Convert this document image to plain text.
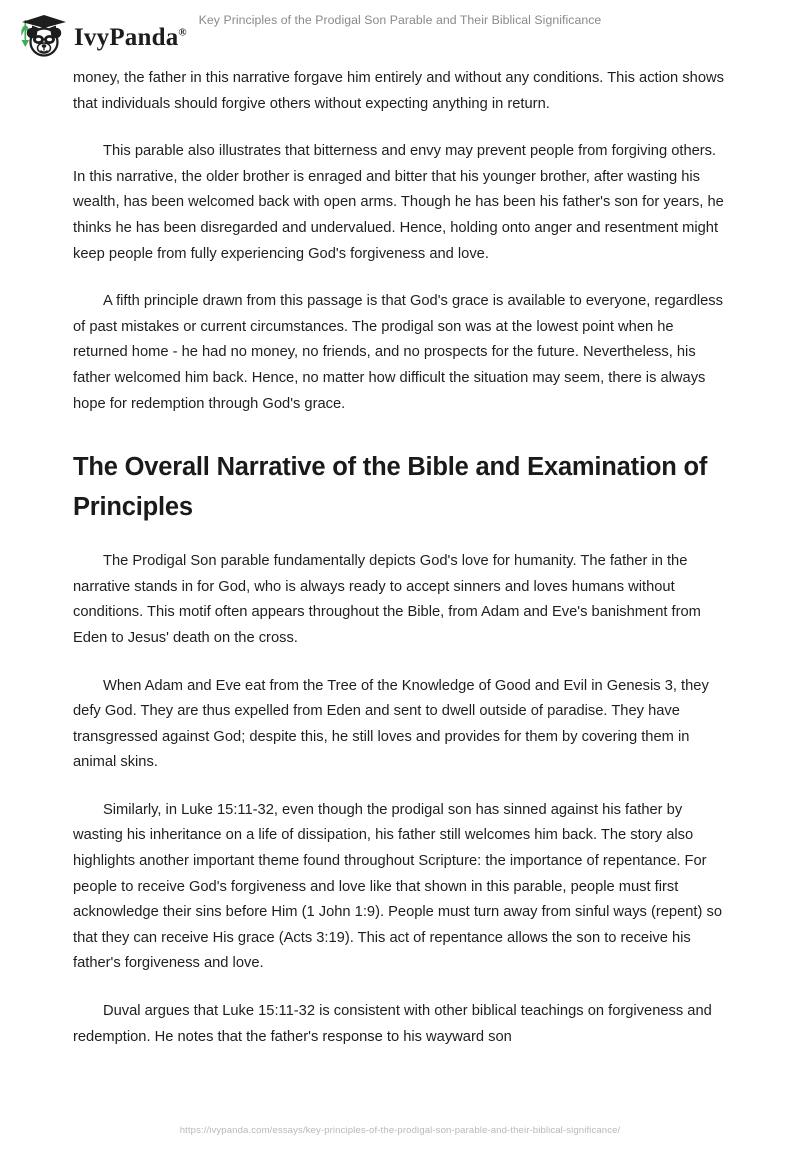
IvyPanda®
Key Principles of the Prodigal Son Parable and Their Biblical Significance

money, the father in this narrative forgave him entirely and without any conditions. This action shows that individuals should forgive others without expecting anything in return.

This parable also illustrates that bitterness and envy may prevent people from forgiving others. In this narrative, the older brother is enraged and bitter that his younger brother, after wasting his wealth, has been welcomed back with open arms. Though he has been his father's son for years, he thinks he has been disregarded and undervalued. Hence, holding onto anger and resentment might keep people from fully experiencing God's forgiveness and love.

A fifth principle drawn from this passage is that God's grace is available to everyone, regardless of past mistakes or current circumstances. The prodigal son was at the lowest point when he returned home - he had no money, no friends, and no prospects for the future. Nevertheless, his father welcomed him back. Hence, no matter how difficult the situation may seem, there is always hope for redemption through God's grace.

The Overall Narrative of the Bible and Examination of Principles

The Prodigal Son parable fundamentally depicts God's love for humanity. The father in the narrative stands in for God, who is always ready to accept sinners and loves humans without conditions. This motif often appears throughout the Bible, from Adam and Eve's banishment from Eden to Jesus' death on the cross.

When Adam and Eve eat from the Tree of the Knowledge of Good and Evil in Genesis 3, they defy God. They are thus expelled from Eden and sent to dwell outside of paradise. They have transgressed against God; despite this, he still loves and provides for them by covering them in animal skins.

Similarly, in Luke 15:11-32, even though the prodigal son has sinned against his father by wasting his inheritance on a life of dissipation, his father still welcomes him back. The story also highlights another important theme found throughout Scripture: the importance of repentance. For people to receive God's forgiveness and love like that shown in this parable, people must first acknowledge their sins before Him (1 John 1:9). People must turn away from sinful ways (repent) so that they can receive His grace (Acts 3:19). This act of repentance allows the son to receive his father's forgiveness and love.

Duval argues that Luke 15:11-32 is consistent with other biblical teachings on forgiveness and redemption. He notes that the father's response to his wayward son

https://ivypanda.com/essays/key-principles-of-the-prodigal-son-parable-and-their-biblical-significance/
